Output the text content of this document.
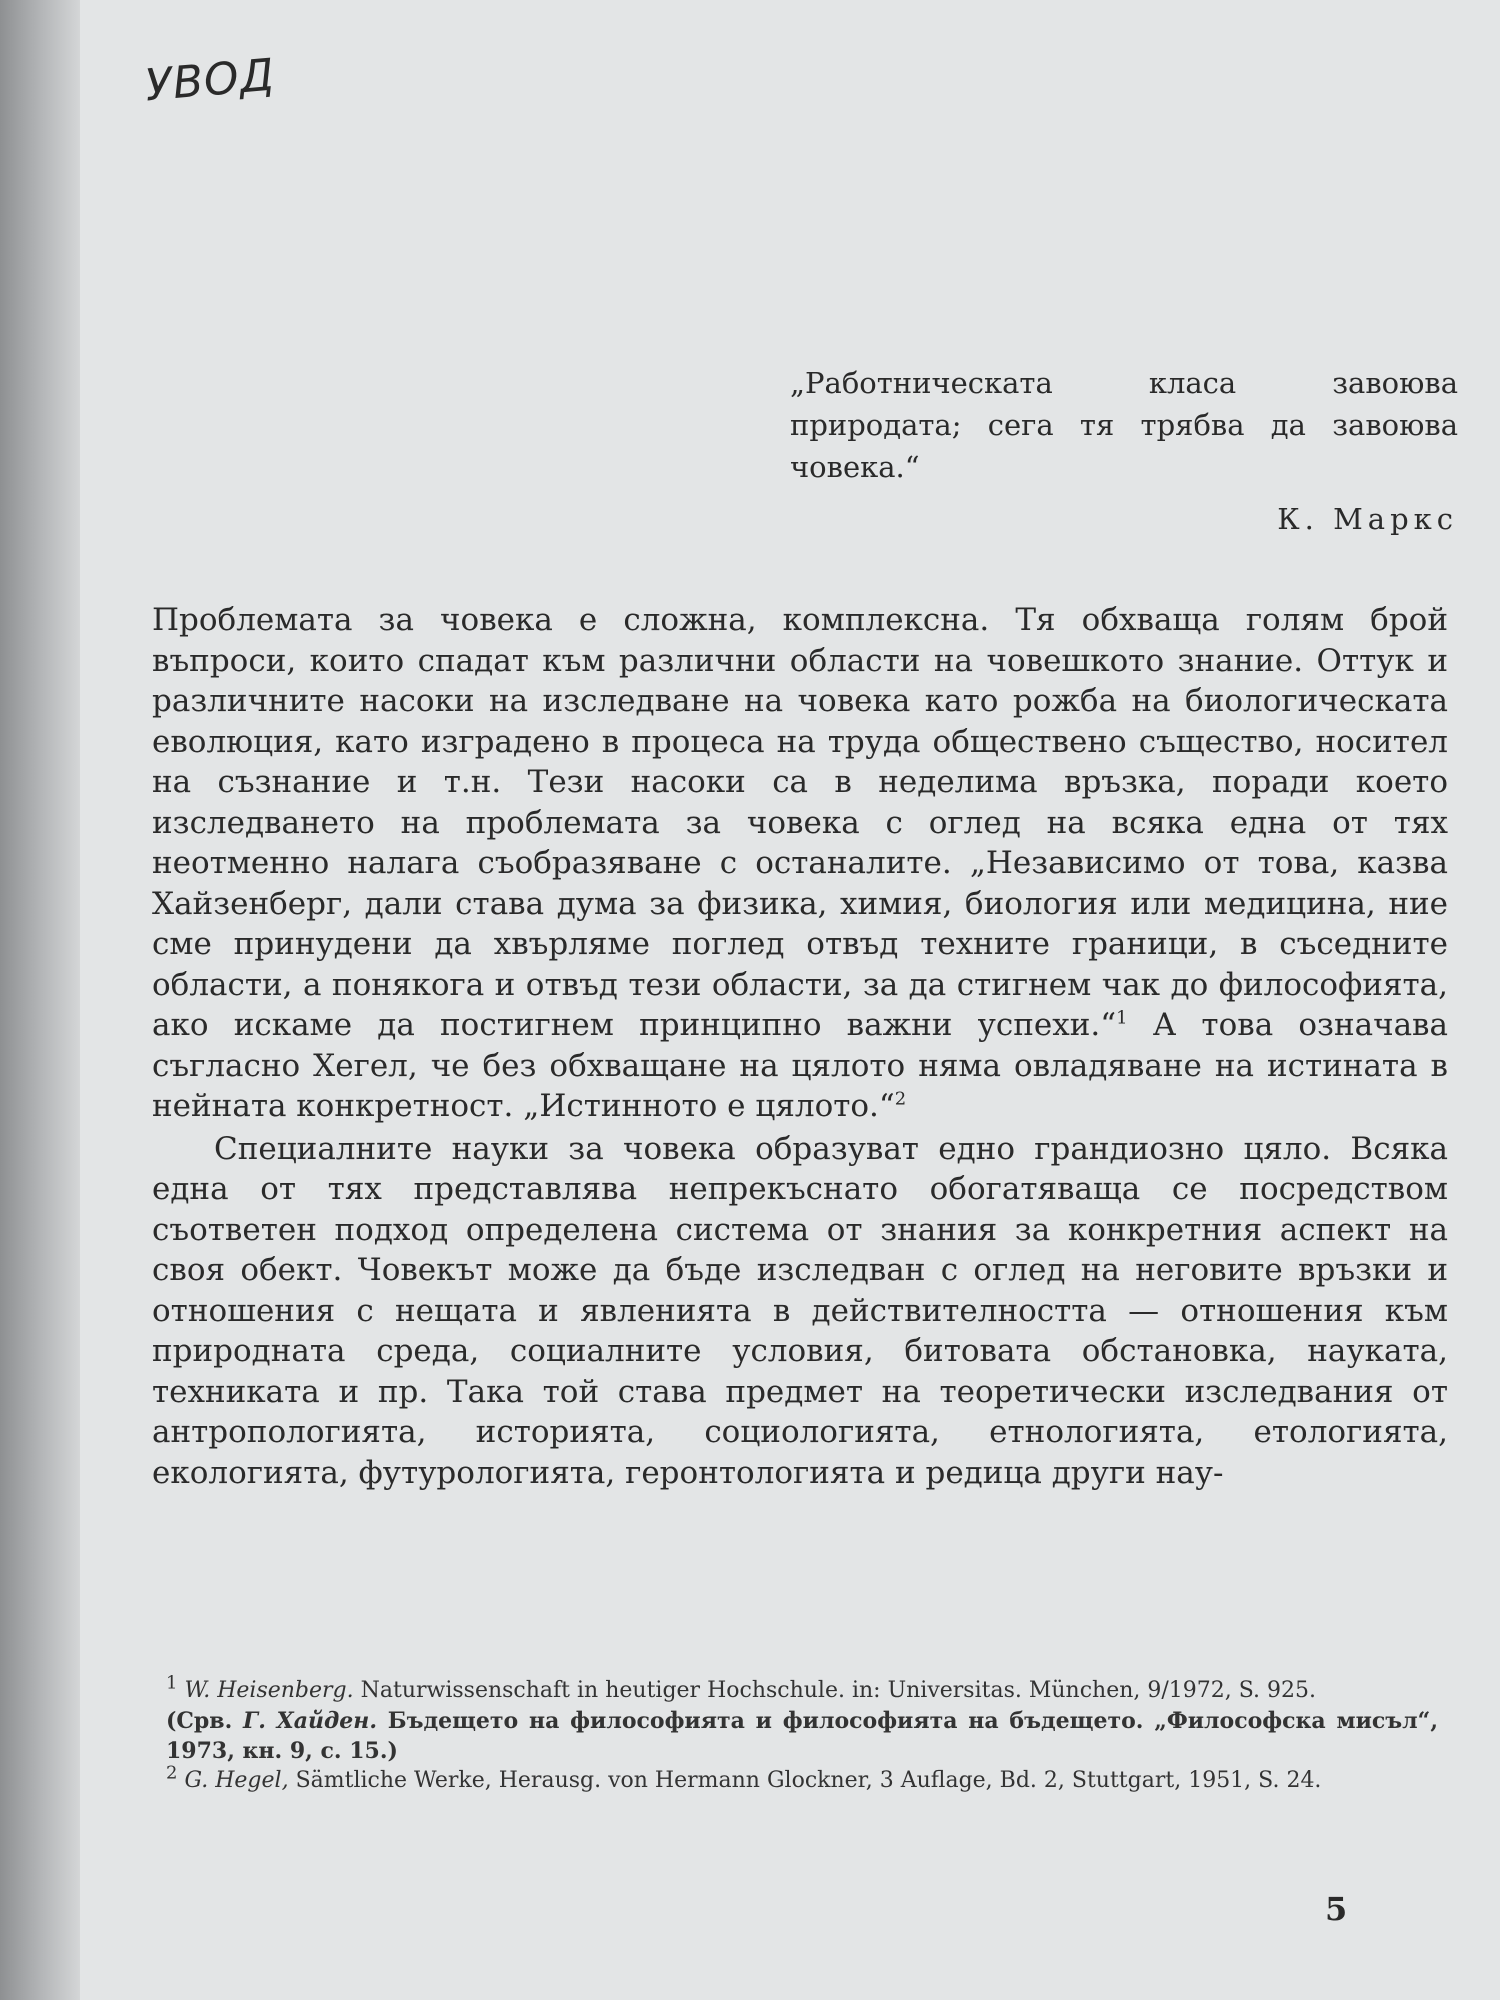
УВОД

„Работническата класа завоюва природата; сега тя трябва да завоюва човека.“

К. Маркс

Проблемата за човека е сложна, комплексна. Тя обхваща голям брой въпроси, които спадат към различни области на човешкото знание. Оттук и различните насоки на изследване на човека като рожба на биологическата еволюция, като изградено в процеса на труда обществено същество, носител на съзнание и т.н. Тези насоки са в неделима връзка, поради което изследването на проблемата за човека с оглед на всяка една от тях неотменно налага съобразяване с останалите. „Независимо от това, казва Хайзенберг, дали става дума за физика, химия, биология или медицина, ние сме принудени да хвърляме поглед отвъд техните граници, в съседните области, а понякога и отвъд тези области, за да стигнем чак до философията, ако искаме да постигнем принципно важни успехи.“$^1$ А това означава съгласно Хегел, че без обхващане на цялото няма овладяване на истината в нейната конкретност. „Истинното е цялото.“$^2$

Специалните науки за човека образуват едно грандиозно цяло. Всяка една от тях представлява непрекъснато обогатяваща се посредством съответен подход определена система от знания за конкретния аспект на своя обект. Човекът може да бъде изследван с оглед на неговите връзки и отношения с нещата и явленията в действителността — отношения към природната среда, социалните условия, битовата обстановка, науката, техниката и пр. Така той става предмет на теоретически изследвания от антропологията, историята, социологията, етнологията, етологията, екологията, футурологията, геронтологията и редица други нау-

$^1$ W. Heisenberg. Naturwissenschaft in heutiger Hochschule. in: Universitas. München, 9/1972, S. 925.

(Срв. Г. Хайден. Бъдещето на философията и философията на бъдещето. „Философска мисъл“, 1973, кн. 9, с. 15.)

$^2$ G. Hegel, Sämtliche Werke, Herausg. von Hermann Glockner, 3 Auflage, Bd. 2, Stuttgart, 1951, S. 24.

5
